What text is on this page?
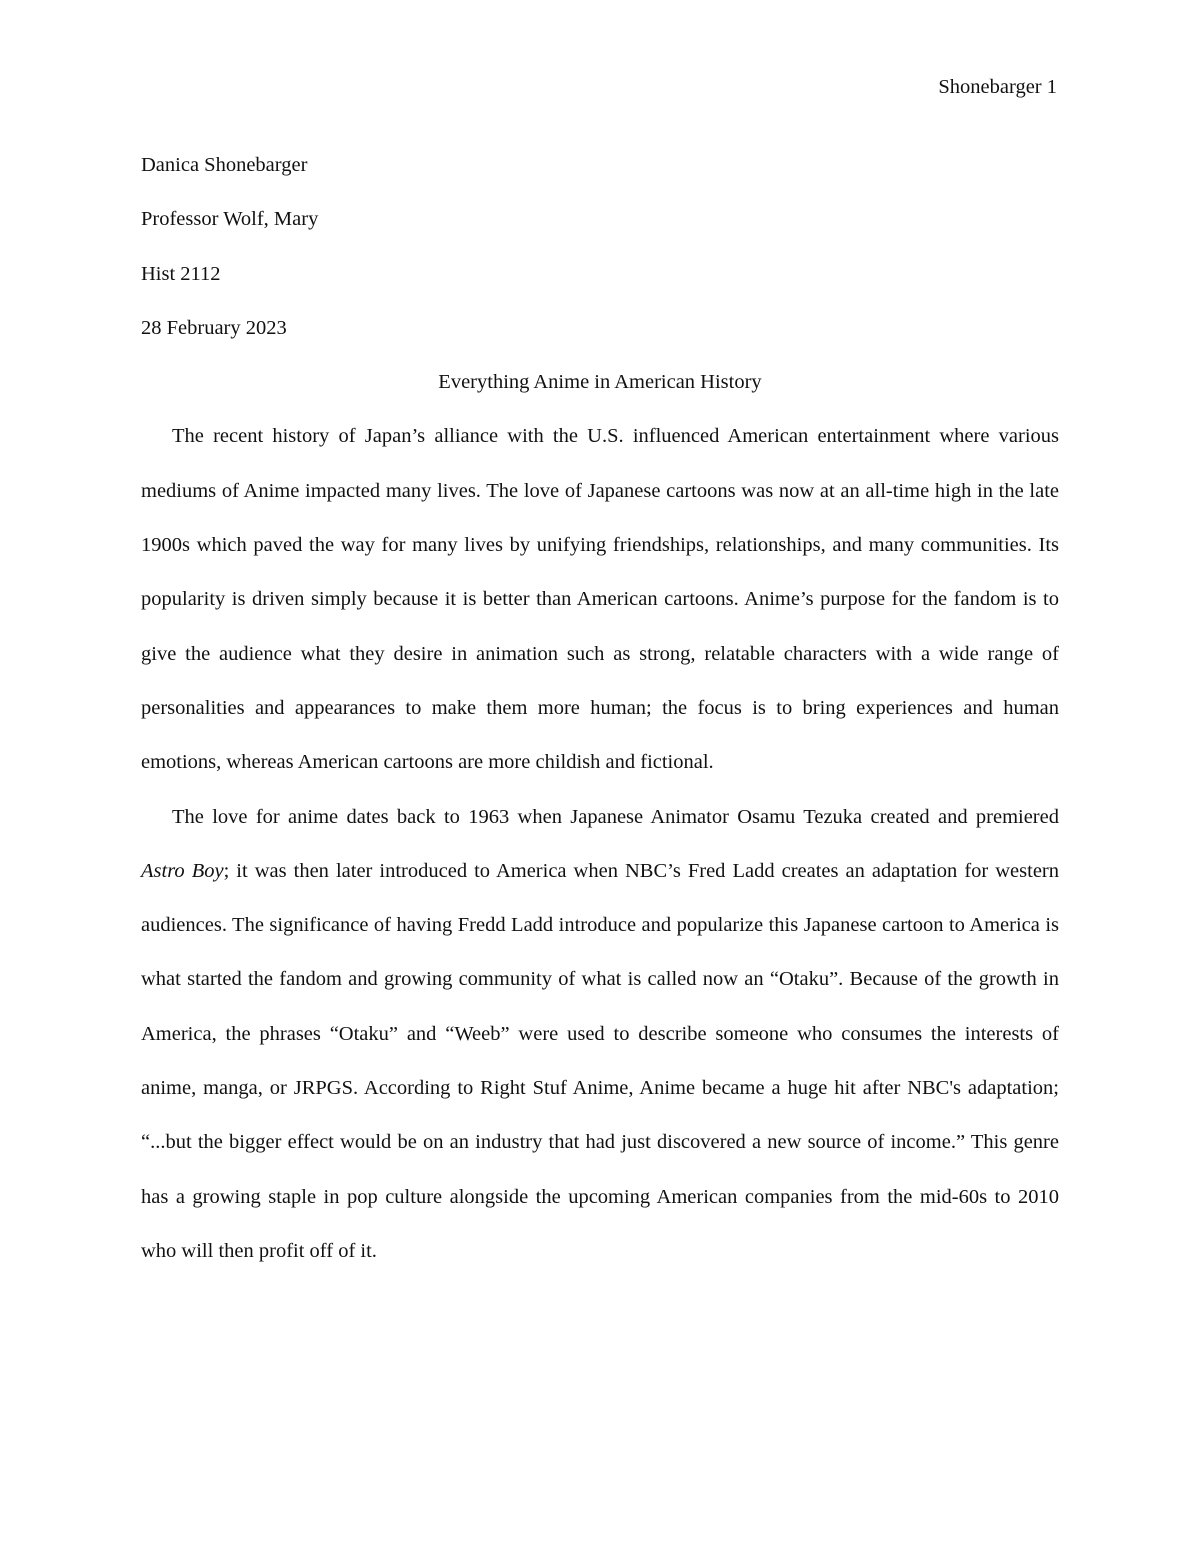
Shonebarger 1

Danica Shonebarger

Professor Wolf, Mary

Hist 2112

28 February 2023

Everything Anime in American History

The recent history of Japan’s alliance with the U.S. influenced American entertainment where various mediums of Anime impacted many lives. The love of Japanese cartoons was now at an all-time high in the late 1900s which paved the way for many lives by unifying friendships, relationships, and many communities. Its popularity is driven simply because it is better than American cartoons. Anime’s purpose for the fandom is to give the audience what they desire in animation such as strong, relatable characters with a wide range of personalities and appearances to make them more human; the focus is to bring experiences and human emotions, whereas American cartoons are more childish and fictional.

The love for anime dates back to 1963 when Japanese Animator Osamu Tezuka created and premiered Astro Boy; it was then later introduced to America when NBC’s Fred Ladd creates an adaptation for western audiences. The significance of having Fredd Ladd introduce and popularize this Japanese cartoon to America is what started the fandom and growing community of what is called now an “Otaku”. Because of the growth in America, the phrases “Otaku” and “Weeb” were used to describe someone who consumes the interests of anime, manga, or JRPGS. According to Right Stuf Anime, Anime became a huge hit after NBC's adaptation; “...but the bigger effect would be on an industry that had just discovered a new source of income.” This genre has a growing staple in pop culture alongside the upcoming American companies from the mid-60s to 2010 who will then profit off of it.
